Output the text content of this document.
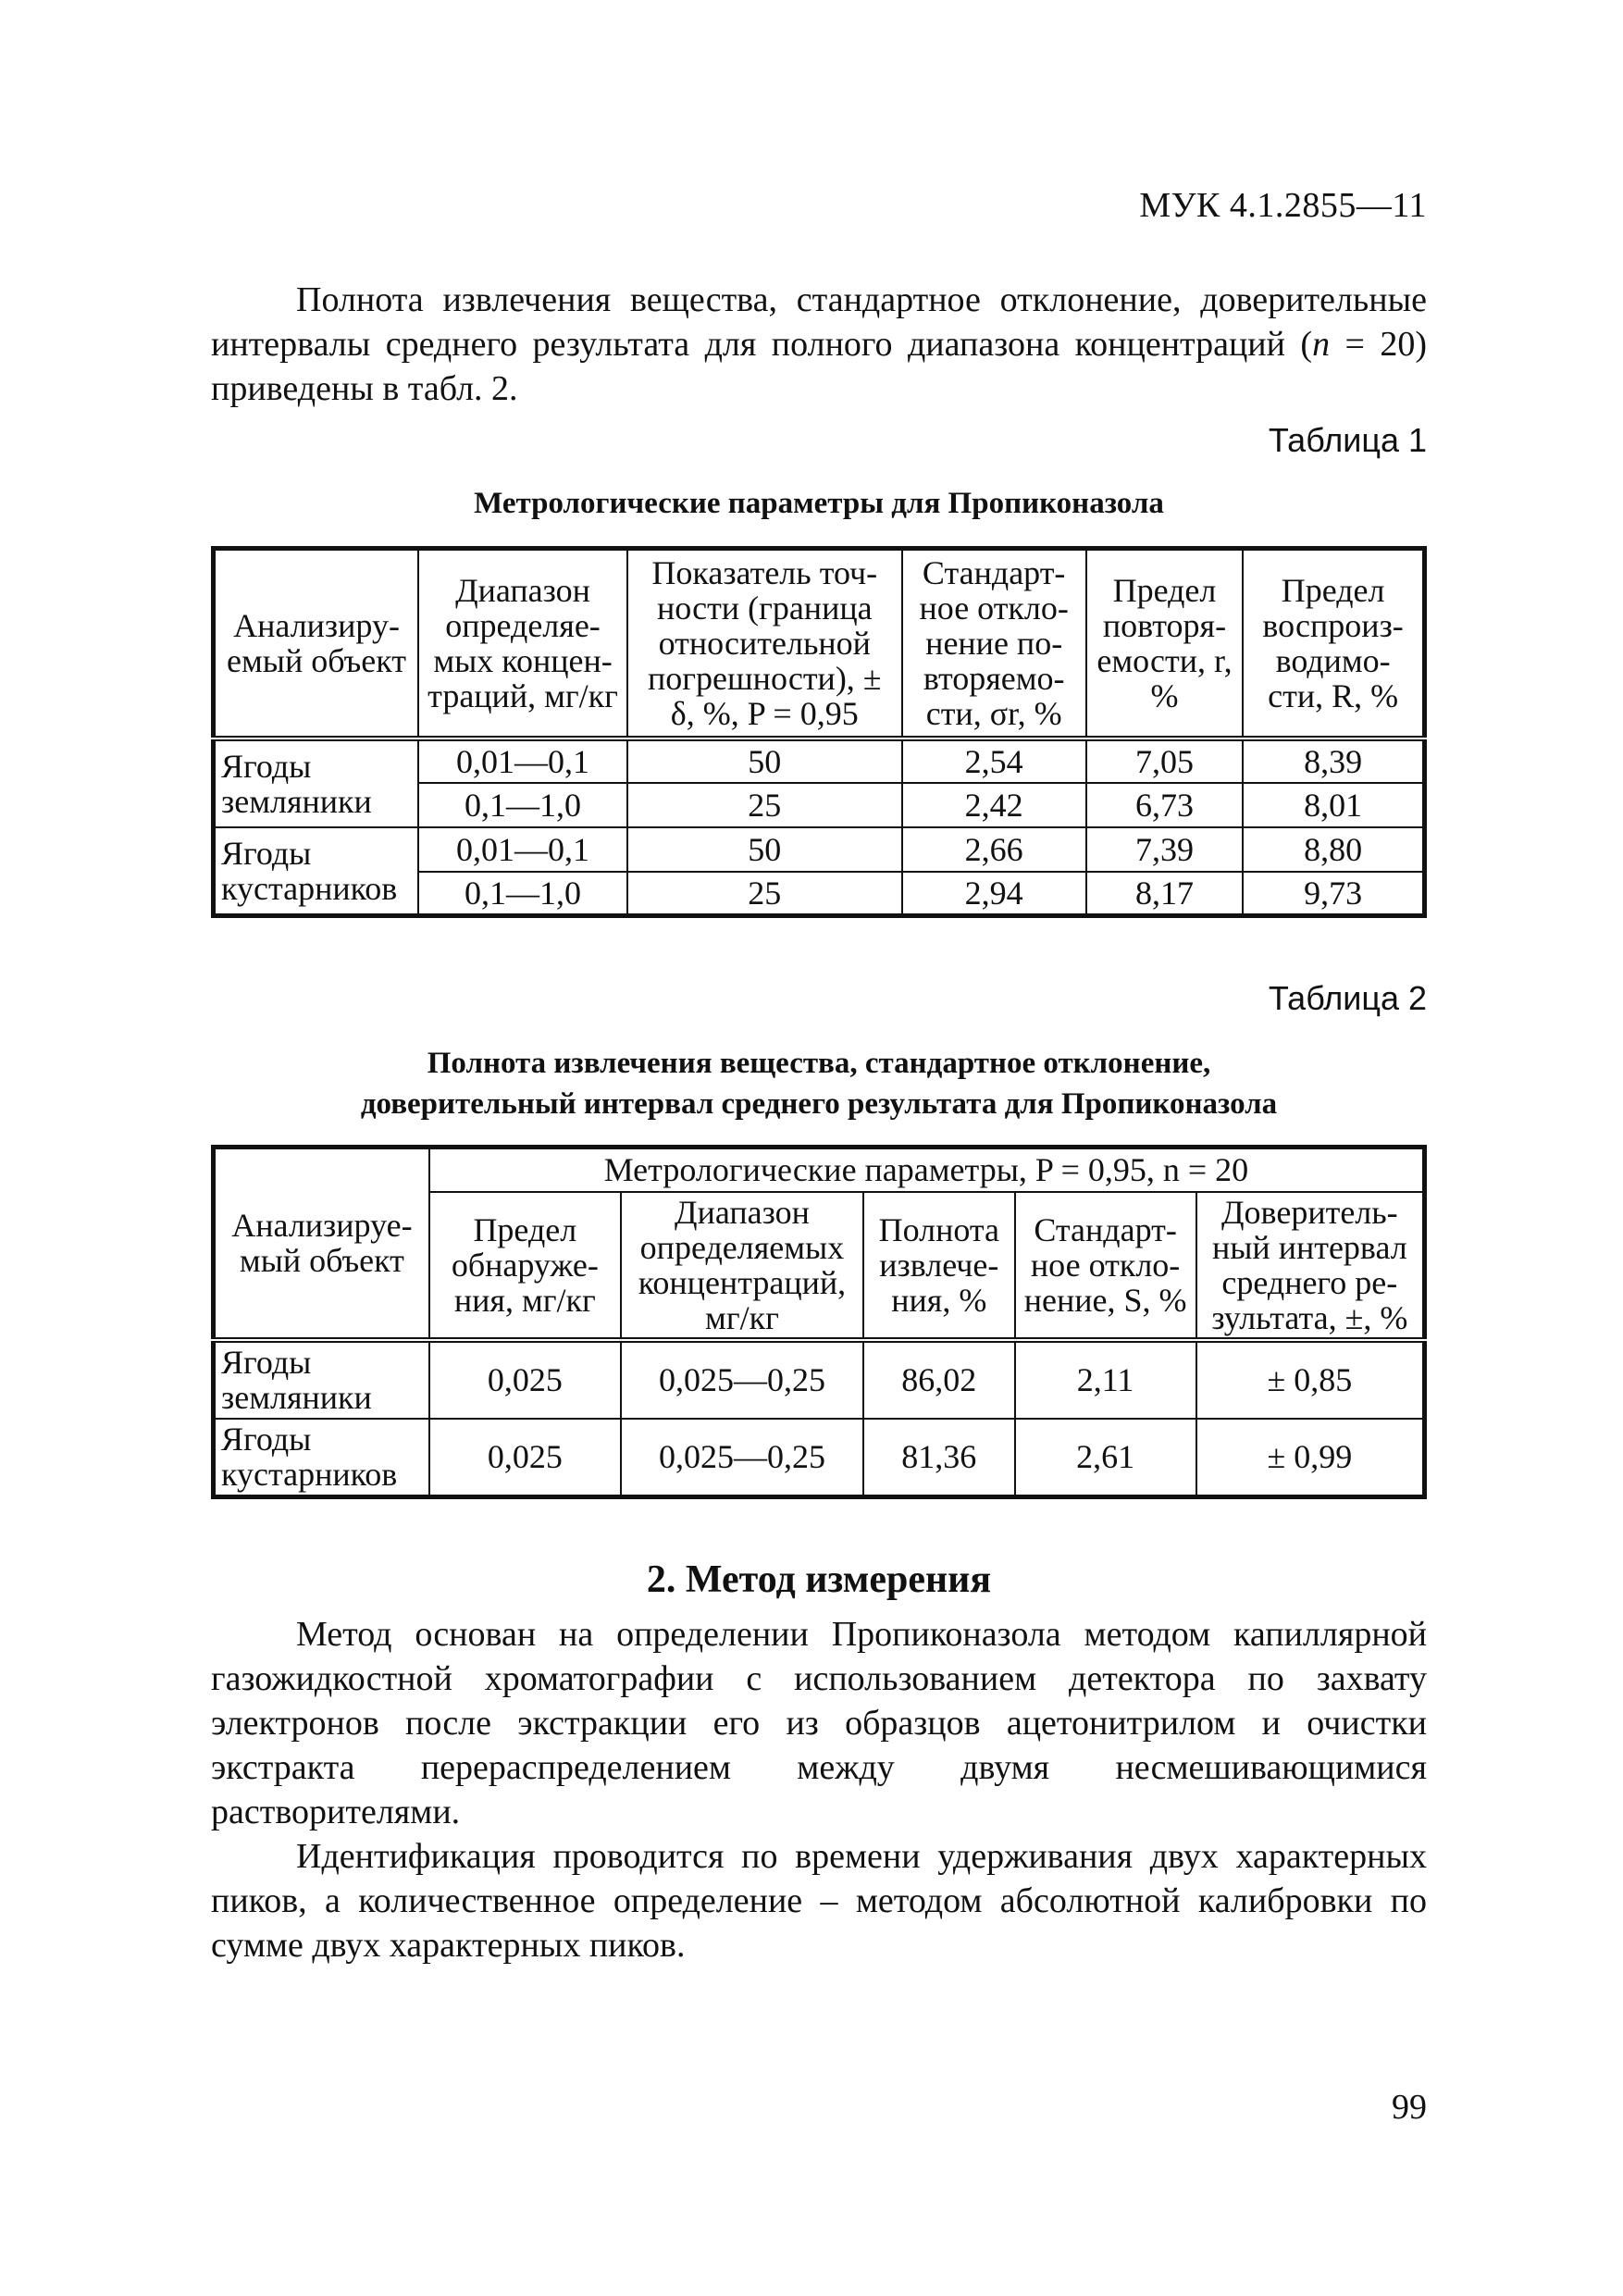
МУК 4.1.2855—11

Полнота извлечения вещества, стандартное отклонение, доверительные интервалы среднего результата для полного диапазона концентраций (n = 20) приведены в табл. 2.

Таблица 1
Метрологические параметры для Пропиконазола
Анализиру-емый объект	Диапазон определяе-мых концен-траций, мг/кг	Показатель точ-ности (граница относительной погрешности), ± δ, %, P = 0,95	Стандарт-ное откло-нение по-вторяемо-сти, σr, %	Предел повторя-емости, r, %	Предел воспроиз-водимо-сти, R, %
Ягоды земляники	0,01—0,1	50	2,54	7,05	8,39
	0,1—1,0	25	2,42	6,73	8,01
Ягоды кустарников	0,01—0,1	50	2,66	7,39	8,80
	0,1—1,0	25	2,94	8,17	9,73
Таблица 2
Полнота извлечения вещества, стандартное отклонение,
доверительный интервал среднего результата для Пропиконазола
Анализируе-мый объект	Метрологические параметры, P = 0,95, n = 20				
	Предел обнаруже-ния, мг/кг	Диапазон определяемых концентраций, мг/кг	Полнота извлече-ния, %	Стандарт-ное откло-нение, S, %	Доверитель-ный интервал среднего ре-зультата, ±, %
Ягоды земляники	0,025	0,025—0,25	86,02	2,11	± 0,85
Ягоды кустарников	0,025	0,025—0,25	81,36	2,61	± 0,99
2. Метод измерения

Метод основан на определении Пропиконазола методом капиллярной газожидкостной хроматографии с использованием детектора по захвату электронов после экстракции его из образцов ацетонитрилом и очистки экстракта перераспределением между двумя несмешивающимися растворителями.

Идентификация проводится по времени удерживания двух характерных пиков, а количественное определение – методом абсолютной калибровки по сумме двух характерных пиков.

99
